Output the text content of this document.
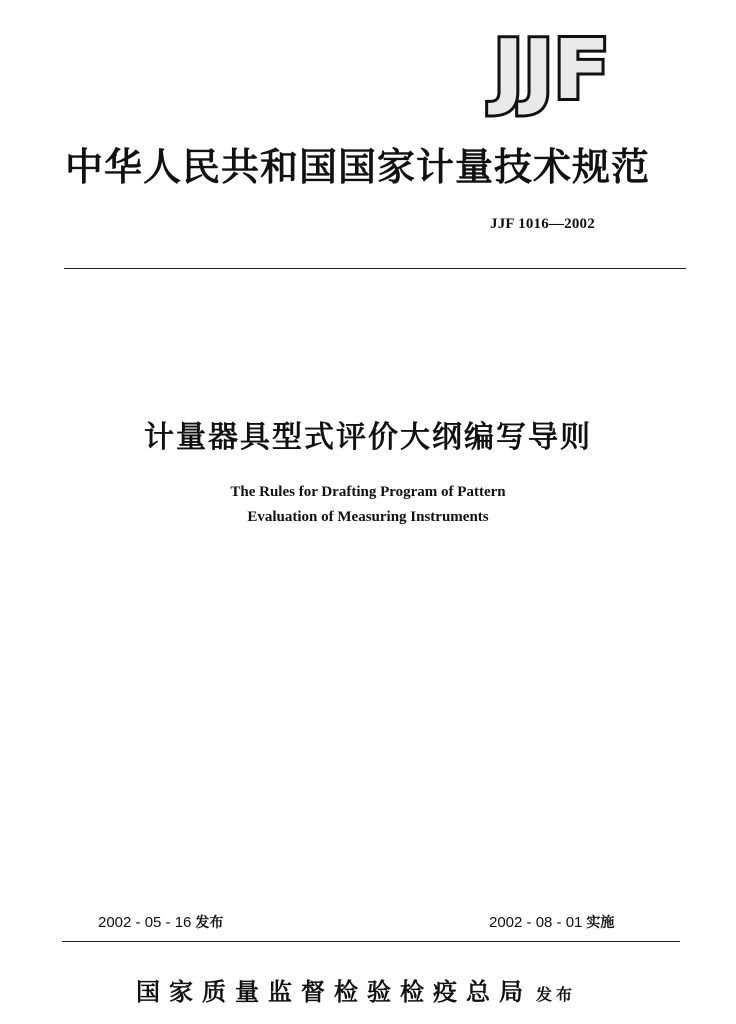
JJF
中华人民共和国国家计量技术规范
JJF 1016—2002
计量器具型式评价大纲编写导则
The Rules for Drafting Program of Pattern
Evaluation of Measuring Instruments
2002 - 05 - 16 发布	2002 - 08 - 01 实施
国家质量监督检验检疫总局 发布
